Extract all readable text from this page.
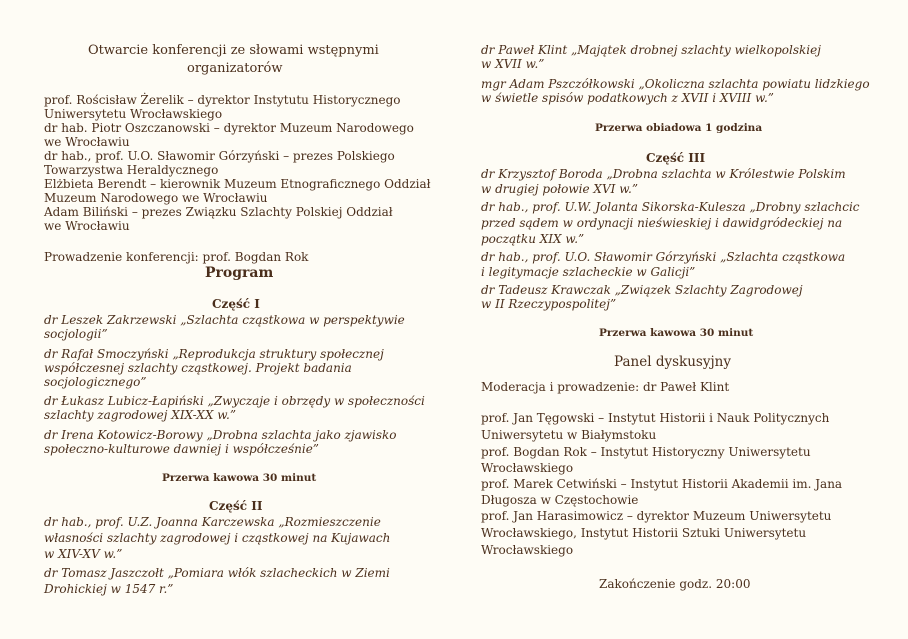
Otwarcie konferencji ze słowami wstępnymi
organizatorów
prof. Rościsław Żerelik – dyrektor Instytutu Historycznego
Uniwersytetu Wrocławskiego
dr hab. Piotr Oszczanowski – dyrektor Muzeum Narodowego
we Wrocławiu
dr hab., prof. U.O. Sławomir Górzyński – prezes Polskiego
Towarzystwa Heraldycznego
Elżbieta Berendt – kierownik Muzeum Etnograficznego Oddział
Muzeum Narodowego we Wrocławiu
Adam Biliński – prezes Związku Szlachty Polskiej Oddział
we Wrocławiu
Prowadzenie konferencji: prof. Bogdan Rok
Program
Część I
dr Leszek Zakrzewski „Szlachta cząstkowa w perspektywie
socjologii”
dr Rafał Smoczyński „Reprodukcja struktury społecznej
współczesnej szlachty cząstkowej. Projekt badania
socjologicznego”
dr Łukasz Lubicz-Łapiński „Zwyczaje i obrzędy w społeczności
szlachty zagrodowej XIX-XX w.”
dr Irena Kotowicz-Borowy „Drobna szlachta jako zjawisko
społeczno-kulturowe dawniej i współcześnie”
Przerwa kawowa 30 minut
Część II
dr hab., prof. U.Z. Joanna Karczewska „Rozmieszczenie
własności szlachty zagrodowej i cząstkowej na Kujawach
w XIV-XV w.”
dr Tomasz Jaszczołt „Pomiara włók szlacheckich w Ziemi
Drohickiej w 1547 r.”
dr Paweł Klint „Majątek drobnej szlachty wielkopolskiej
w XVII w.”
mgr Adam Pszczółkowski „Okoliczna szlachta powiatu lidzkiego
w świetle spisów podatkowych z XVII i XVIII w.”
Przerwa obiadowa 1 godzina
Część III
dr Krzysztof Boroda „Drobna szlachta w Królestwie Polskim
w drugiej połowie XVI w.”
dr hab., prof. U.W. Jolanta Sikorska-Kulesza „Drobny szlachcic
przed sądem w ordynacji nieświeskiej i dawidgródeckiej na
początku XIX w.”
dr hab., prof. U.O. Sławomir Górzyński „Szlachta cząstkowa
i legitymacje szlacheckie w Galicji”
dr Tadeusz Krawczak „Związek Szlachty Zagrodowej
w II Rzeczypospolitej”
Przerwa kawowa 30 minut
Panel dyskusyjny
Moderacja i prowadzenie: dr Paweł Klint
prof. Jan Tęgowski – Instytut Historii i Nauk Politycznych
Uniwersytetu w Białymstoku
prof. Bogdan Rok – Instytut Historyczny Uniwersytetu
Wrocławskiego
prof. Marek Cetwiński – Instytut Historii Akademii im. Jana
Długosza w Częstochowie
prof. Jan Harasimowicz – dyrektor Muzeum Uniwersytetu
Wrocławskiego, Instytut Historii Sztuki Uniwersytetu
Wrocławskiego
Zakończenie godz. 20:00
